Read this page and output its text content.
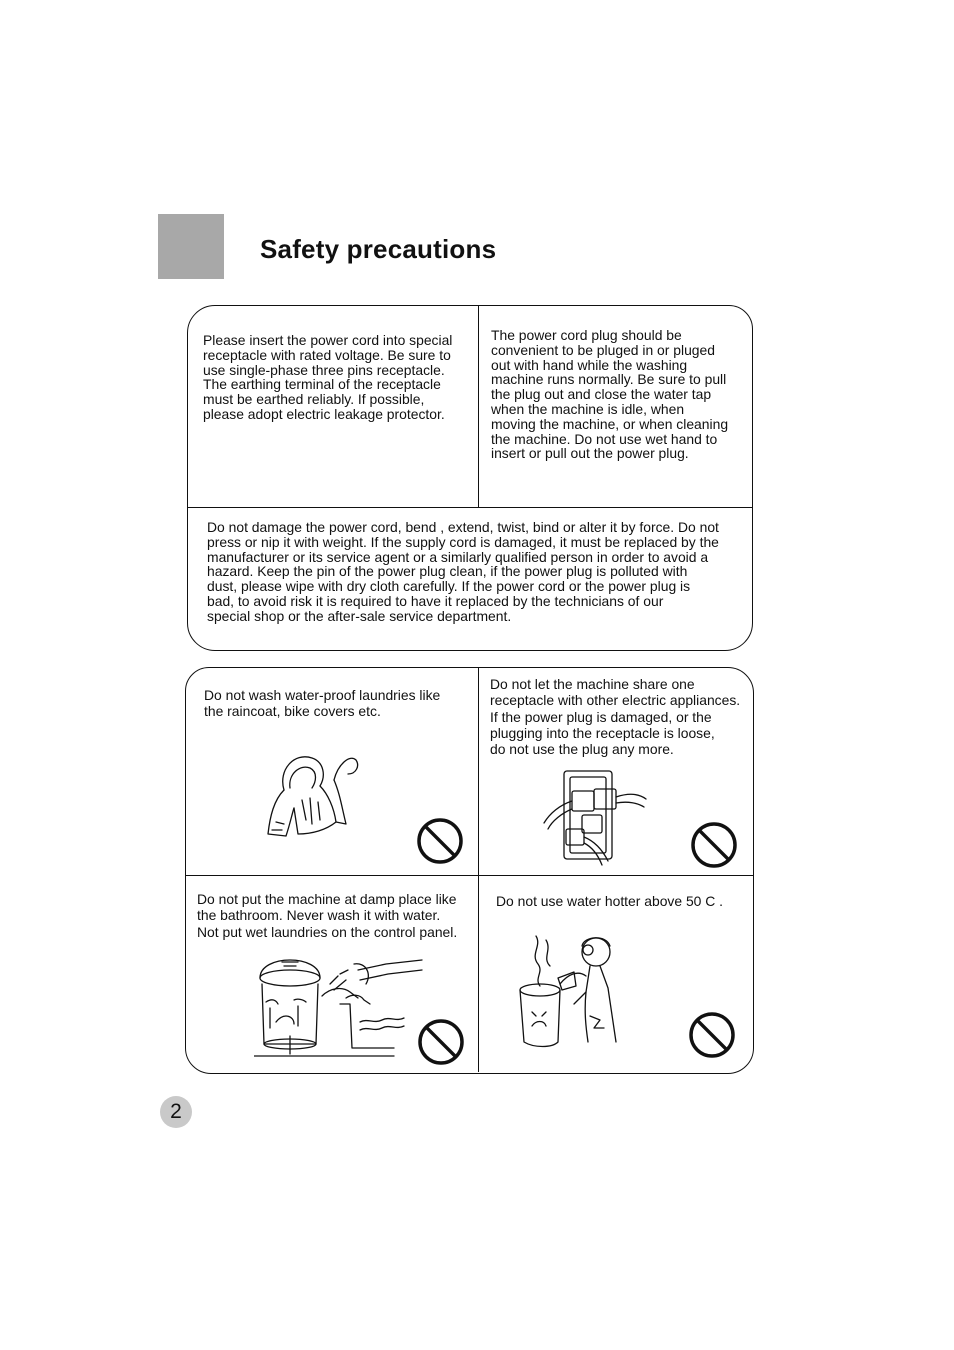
Safety precautions
Please insert the power cord into special
receptacle with rated voltage. Be sure to
use single-phase three pins receptacle.
The earthing terminal of the receptacle
must be earthed reliably. If possible,
please adopt electric leakage protector.
The power cord plug should be
convenient to be pluged in or pluged
out with hand while the washing
machine runs normally. Be sure to pull
the plug out and close the water tap
when the machine is idle, when
moving the machine, or when cleaning
the machine. Do not use wet hand to
insert or pull out the power plug.
Do not damage the power cord, bend , extend, twist, bind or alter it by force. Do not
press or nip it with weight. If the supply cord is damaged, it must be replaced by the
manufacturer or its service agent or a similarly qualified person in order to avoid a
hazard. Keep the pin of the power plug clean, if the power plug is polluted with
dust, please wipe with dry cloth carefully. If the power cord or the power plug is
bad, to avoid risk it is required to have it replaced by the technicians of our
special shop or the after-sale service department.
Do not wash water-proof laundries like
the raincoat, bike covers etc.
Do not let the machine share one
receptacle with other electric appliances.
If the power plug is damaged, or the
plugging into the receptacle is loose,
do not use the plug any more.
Do not put the machine at damp place like
the bathroom. Never wash it with water.
Not put wet laundries on the control panel.
Do not use water hotter above 50 C .
2
